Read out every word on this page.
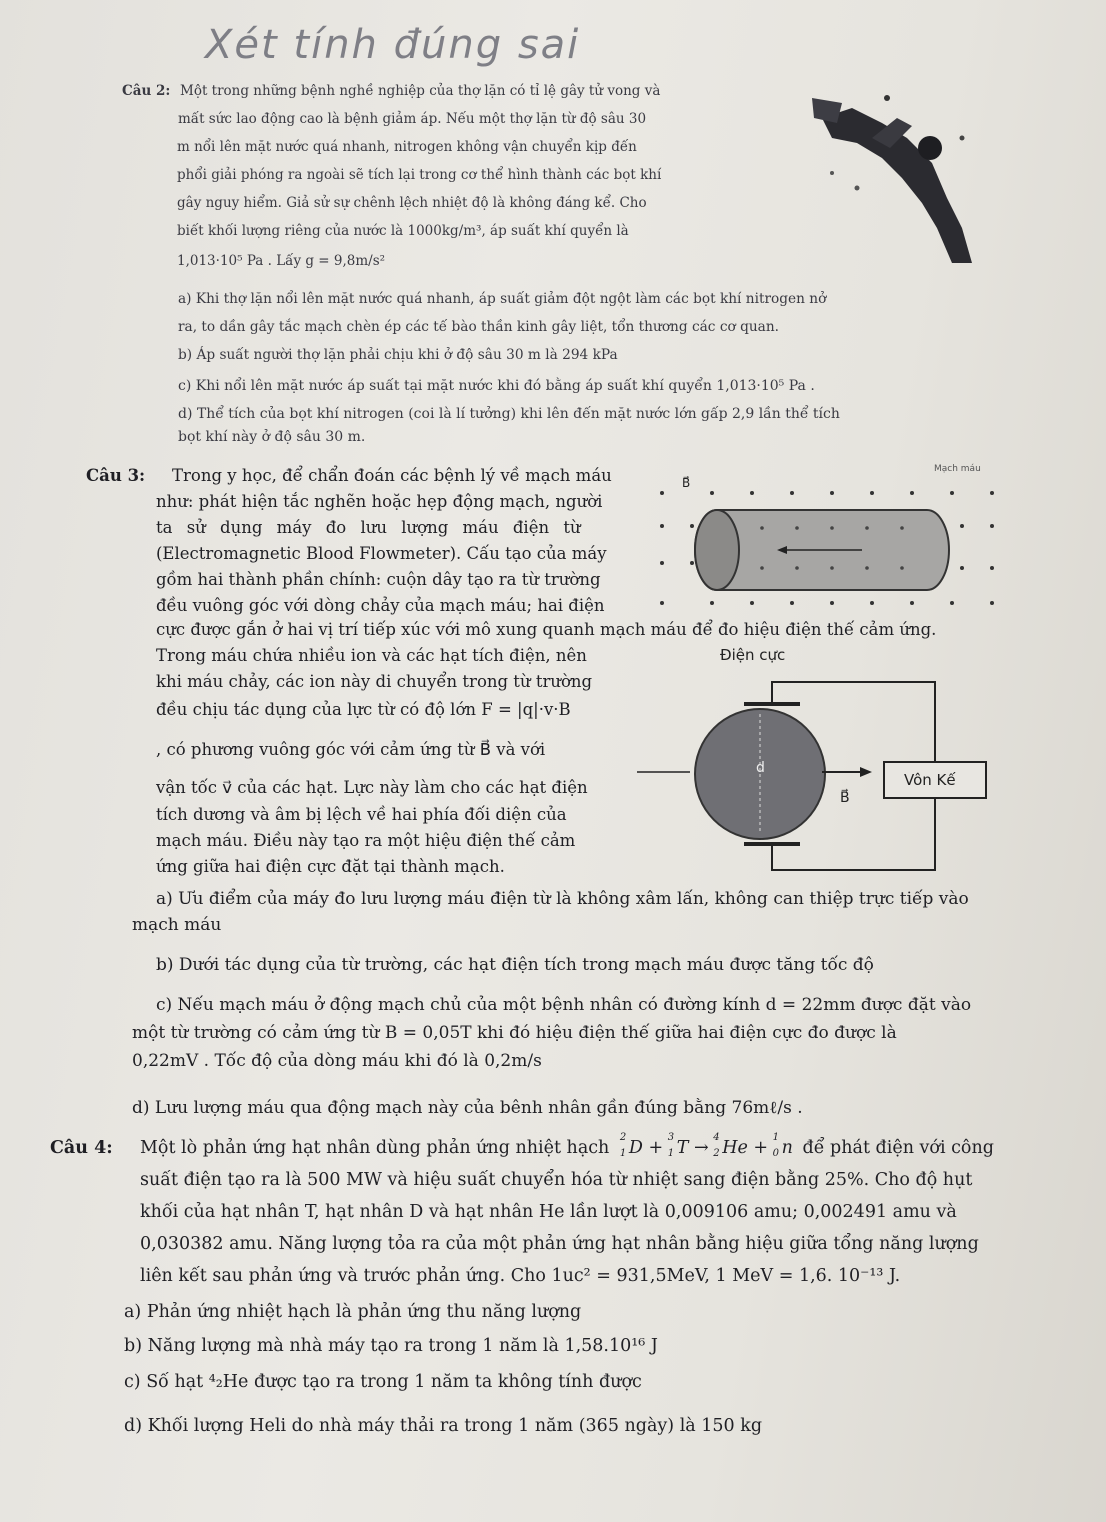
Xét tính đúng sai
Câu 2: Một trong những bệnh nghề nghiệp của thợ lặn có tỉ lệ gây tử vong và
mất sức lao động cao là bệnh giảm áp. Nếu một thợ lặn từ độ sâu 30
m nổi lên mặt nước quá nhanh, nitrogen không vận chuyển kịp đến
phổi giải phóng ra ngoài sẽ tích lại trong cơ thể hình thành các bọt khí
gây nguy hiểm. Giả sử sự chênh lệch nhiệt độ là không đáng kể. Cho
biết khối lượng riêng của nước là 1000kg/m³, áp suất khí quyển là
1,013·10⁵ Pa . Lấy g = 9,8m/s²
a) Khi thợ lặn nổi lên mặt nước quá nhanh, áp suất giảm đột ngột làm các bọt khí nitrogen nở
ra, to dần gây tắc mạch chèn ép các tế bào thần kinh gây liệt, tổn thương các cơ quan.
b) Áp suất người thợ lặn phải chịu khi ở độ sâu 30 m là 294 kPa
c) Khi nổi lên mặt nước áp suất tại mặt nước khi đó bằng áp suất khí quyển 1,013·10⁵ Pa .
d) Thể tích của bọt khí nitrogen (coi là lí tưởng) khi lên đến mặt nước lớn gấp 2,9 lần thể tích
bọt khí này ở độ sâu 30 m.
Câu 3: Trong y học, để chẩn đoán các bệnh lý về mạch máu
như: phát hiện tắc nghẽn hoặc hẹp động mạch, người
ta sử dụng máy đo lưu lượng máu điện từ
(Electromagnetic Blood Flowmeter). Cấu tạo của máy
gồm hai thành phần chính: cuộn dây tạo ra từ trường
đều vuông góc với dòng chảy của mạch máu; hai điện
cực được gắn ở hai vị trí tiếp xúc với mô xung quanh mạch máu để đo hiệu điện thế cảm ứng.
Trong máu chứa nhiều ion và các hạt tích điện, nên
khi máu chảy, các ion này di chuyển trong từ trường
đều chịu tác dụng của lực từ có độ lớn F = |q|·v·B
, có phương vuông góc với cảm ứng từ B⃗ và với
vận tốc v⃗ của các hạt. Lực này làm cho các hạt điện
tích dương và âm bị lệch về hai phía đối diện của
mạch máu. Điều này tạo ra một hiệu điện thế cảm
ứng giữa hai điện cực đặt tại thành mạch.
a) Ưu điểm của máy đo lưu lượng máu điện từ là không xâm lấn, không can thiệp trực tiếp vào
mạch máu
b) Dưới tác dụng của từ trường, các hạt điện tích trong mạch máu được tăng tốc độ
c) Nếu mạch máu ở động mạch chủ của một bệnh nhân có đường kính d = 22mm được đặt vào
một từ trường có cảm ứng từ B = 0,05T khi đó hiệu điện thế giữa hai điện cực đo được là
0,22mV . Tốc độ của dòng máu khi đó là 0,2m/s
d) Lưu lượng máu qua động mạch này của bênh nhân gần đúng bằng 76mℓ/s .
B⃗
Mạch máu
Điện cực
d
B⃗
Vôn Kế
Câu 4: Một lò phản ứng hạt nhân dùng phản ứng nhiệt hạch
2
1 D +
3
1 T →
4
2 He +
1
0 n để phát điện với công
suất điện tạo ra là 500 MW và hiệu suất chuyển hóa từ nhiệt sang điện bằng 25%. Cho độ hụt
khối của hạt nhân T, hạt nhân D và hạt nhân He lần lượt là 0,009106 amu; 0,002491 amu và
0,030382 amu. Năng lượng tỏa ra của một phản ứng hạt nhân bằng hiệu giữa tổng năng lượng
liên kết sau phản ứng và trước phản ứng. Cho 1uc² = 931,5MeV, 1 MeV = 1,6. 10⁻¹³ J.
a) Phản ứng nhiệt hạch là phản ứng thu năng lượng
b) Năng lượng mà nhà máy tạo ra trong 1 năm là 1,58.10¹⁶ J
c) Số hạt ⁴₂He được tạo ra trong 1 năm ta không tính được
d) Khối lượng Heli do nhà máy thải ra trong 1 năm (365 ngày) là 150 kg
